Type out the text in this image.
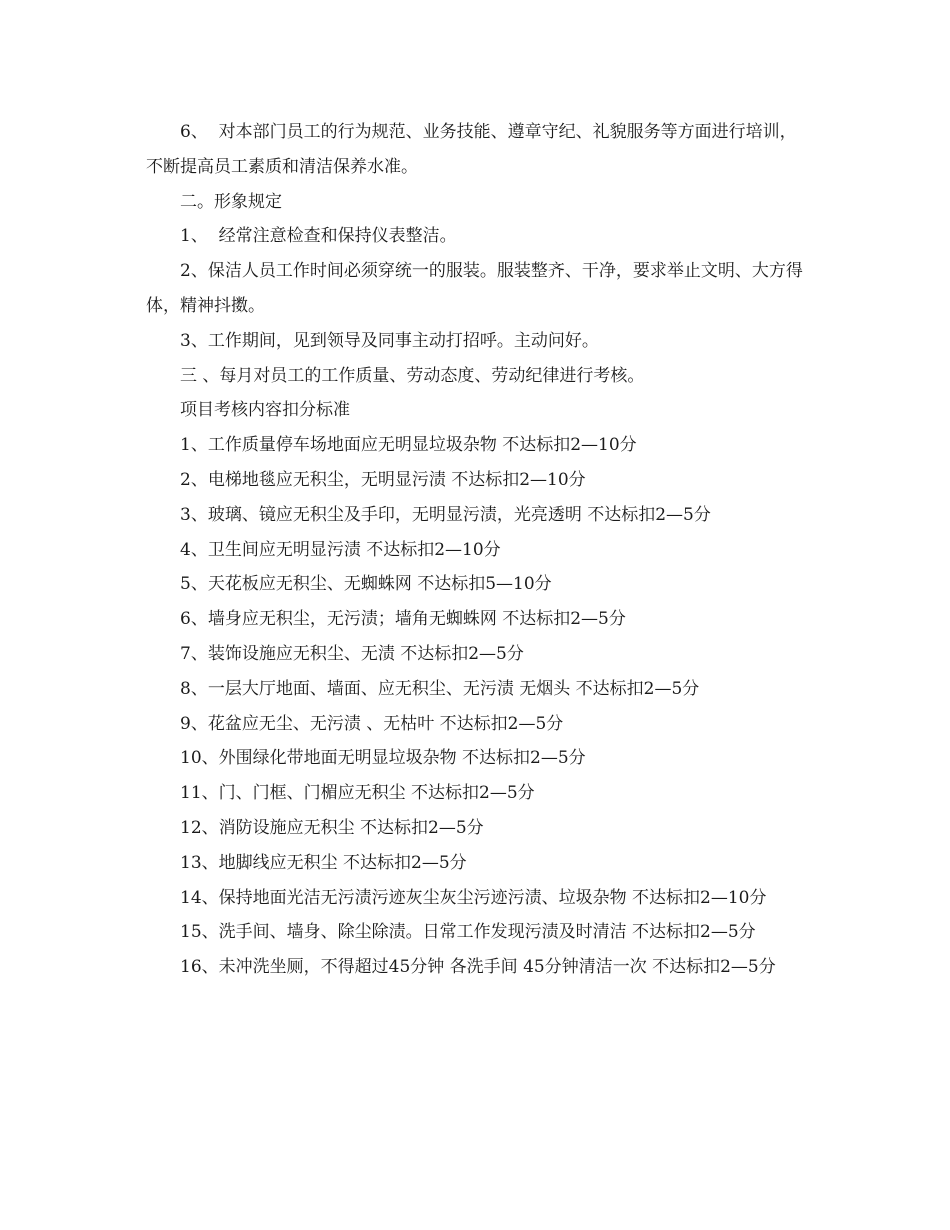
6、  对本部门员工的行为规范、业务技能、遵章守纪、礼貌服务等方面进行培训，不断提高员工素质和清洁保养水准。

二。形象规定

1、  经常注意检查和保持仪表整洁。

2、保洁人员工作时间必须穿统一的服装。服装整齐、干净，要求举止文明、大方得体，精神抖擞。

3、工作期间，见到领导及同事主动打招呼。主动问好。

三 、每月对员工的工作质量、劳动态度、劳动纪律进行考核。

项目考核内容扣分标准

1、工作质量停车场地面应无明显垃圾杂物 不达标扣2—10分

2、电梯地毯应无积尘，无明显污渍 不达标扣2—10分

3、玻璃、镜应无积尘及手印，无明显污渍，光亮透明 不达标扣2—5分

4、卫生间应无明显污渍 不达标扣2—10分

5、天花板应无积尘、无蜘蛛网 不达标扣5—10分

6、墙身应无积尘，无污渍；墙角无蜘蛛网 不达标扣2—5分

7、装饰设施应无积尘、无渍 不达标扣2—5分

8、一层大厅地面、墙面、应无积尘、无污渍 无烟头 不达标扣2—5分

9、花盆应无尘、无污渍 、无枯叶 不达标扣2—5分

10、外围绿化带地面无明显垃圾杂物 不达标扣2—5分

11、门、门框、门楣应无积尘 不达标扣2—5分

12、消防设施应无积尘 不达标扣2—5分

13、地脚线应无积尘 不达标扣2—5分

14、保持地面光洁无污渍污迹灰尘灰尘污迹污渍、垃圾杂物 不达标扣2—10分

15、洗手间、墙身、除尘除渍。日常工作发现污渍及时清洁 不达标扣2—5分

16、未冲洗坐厕，不得超过45分钟 各洗手间 45分钟清洁一次 不达标扣2—5分
